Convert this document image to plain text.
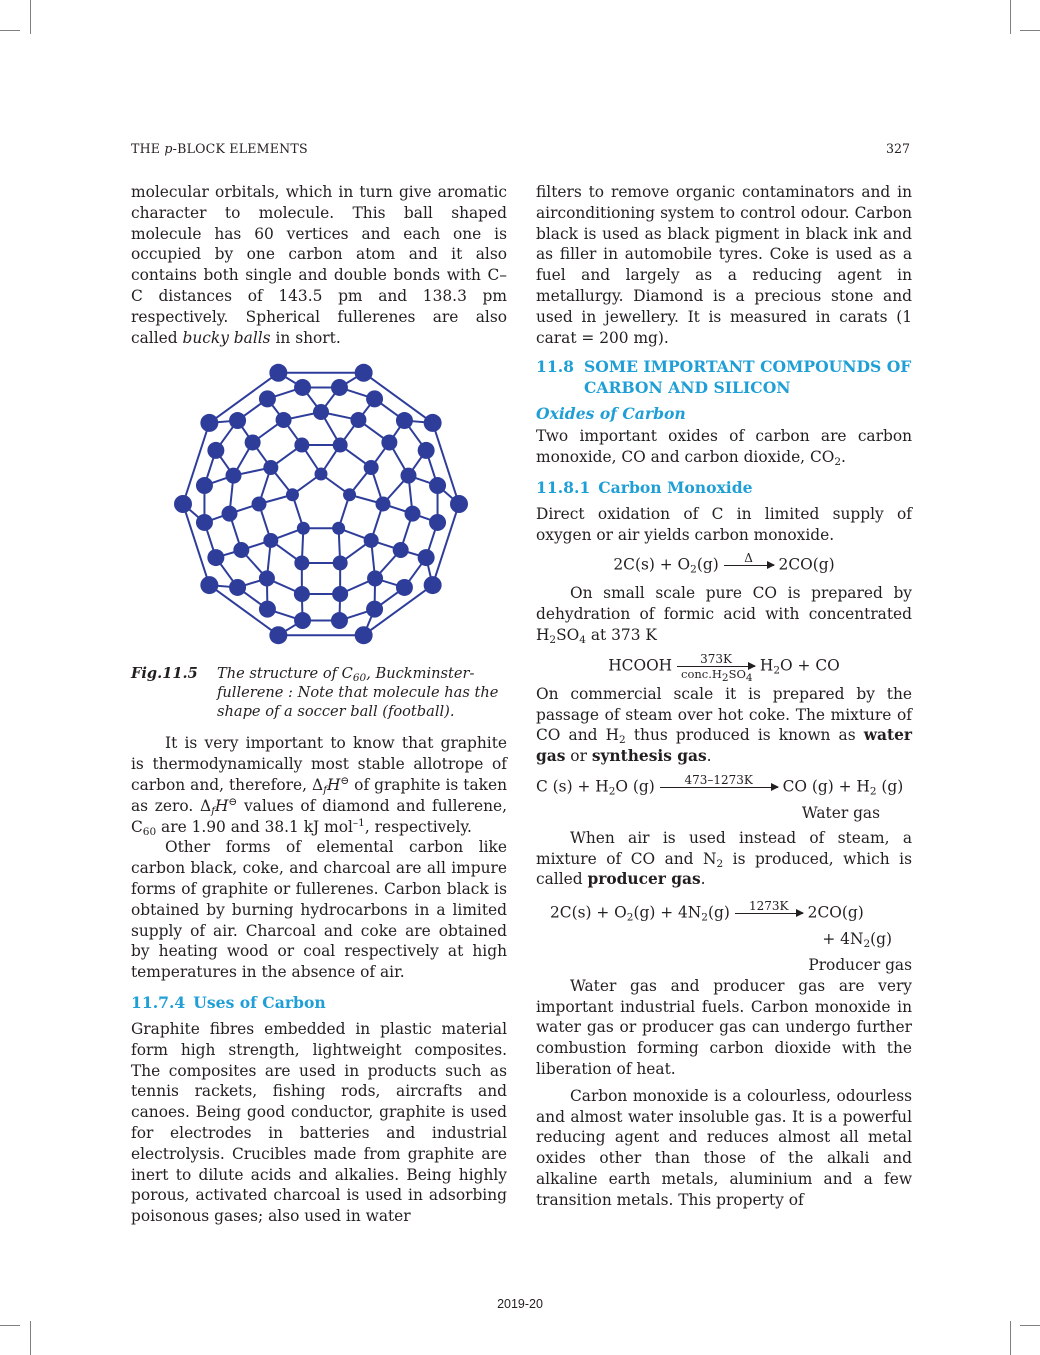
THE p-BLOCK ELEMENTS	327

molecular orbitals, which in turn give aromatic character to molecule. This ball shaped molecule has 60 vertices and each one is occupied by one carbon atom and it also contains both single and double bonds with C–C distances of 143.5 pm and 138.3 pm respectively. Spherical fullerenes are also called bucky balls in short.

Fig.11.5	The structure of $C_{60}$, Buckminster-fullerene : Note that molecule has the shape of a soccer ball (football).

It is very important to know that graphite is thermodynamically most stable allotrope of carbon and, therefore, $\Delta_fH^⊖$ of graphite is taken as zero. $\Delta_fH^⊖$ values of diamond and fullerene, $C_{60}$ are 1.90 and 38.1 kJ mol$^{-1}$, respectively.

Other forms of elemental carbon like carbon black, coke, and charcoal are all impure forms of graphite or fullerenes. Carbon black is obtained by burning hydrocarbons in a limited supply of air. Charcoal and coke are obtained by heating wood or coal respectively at high temperatures in the absence of air.

11.7.4 Uses of Carbon

Graphite fibres embedded in plastic material form high strength, lightweight composites. The composites are used in products such as tennis rackets, fishing rods, aircrafts and canoes. Being good conductor, graphite is used for electrodes in batteries and industrial electrolysis. Crucibles made from graphite are inert to dilute acids and alkalies. Being highly porous, activated charcoal is used in adsorbing poisonous gases; also used in water

filters to remove organic contaminators and in airconditioning system to control odour. Carbon black is used as black pigment in black ink and as filler in automobile tyres. Coke is used as a fuel and largely as a reducing agent in metallurgy. Diamond is a precious stone and used in jewellery. It is measured in carats (1 carat = 200 mg).

11.8 SOME IMPORTANT COMPOUNDS OF CARBON AND SILICON
Oxides of Carbon

Two important oxides of carbon are carbon monoxide, CO and carbon dioxide, $CO_2$.

11.8.1 Carbon Monoxide

Direct oxidation of C in limited supply of oxygen or air yields carbon monoxide.

$2C(s) + O_2(g)$	Δ
	2CO(g)

On small scale pure CO is prepared by dehydration of formic acid with concentrated $H_2SO_4$ at 373 K

HCOOH	373K
$conc.H_2SO_4$
$H_2O$ + CO

On commercial scale it is prepared by the passage of steam over hot coke. The mixture of CO and $H_2$ thus produced is known as water gas or synthesis gas.

C $(s) + H_2O$ (g)	473–1273K
	CO $(g) + H_2$ (g)
Water gas

When air is used instead of steam, a mixture of CO and $N_2$ is produced, which is called producer gas.

$2C(s) + O_2(g) + 4N_2(g)$	1273K
	2CO(g)
+ $4N_2(g)$
Producer gas

Water gas and producer gas are very important industrial fuels. Carbon monoxide in water gas or producer gas can undergo further combustion forming carbon dioxide with the liberation of heat.

Carbon monoxide is a colourless, odourless and almost water insoluble gas. It is a powerful reducing agent and reduces almost all metal oxides other than those of the alkali and alkaline earth metals, aluminium and a few transition metals. This property of

2019-20
